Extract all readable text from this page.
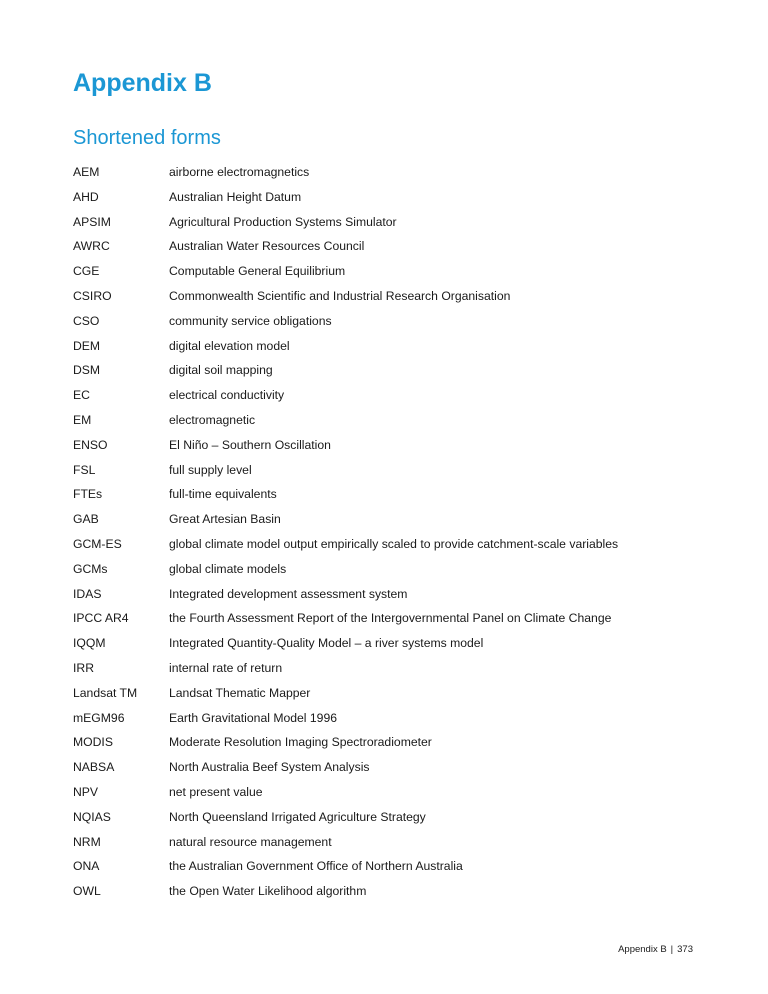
Appendix B
Shortened forms
AEM	airborne electromagnetics
AHD	Australian Height Datum
APSIM	Agricultural Production Systems Simulator
AWRC	Australian Water Resources Council
CGE	Computable General Equilibrium
CSIRO	Commonwealth Scientific and Industrial Research Organisation
CSO	community service obligations
DEM	digital elevation model
DSM	digital soil mapping
EC	electrical conductivity
EM	electromagnetic
ENSO	El Niño – Southern Oscillation
FSL	full supply level
FTEs	full-time equivalents
GAB	Great Artesian Basin
GCM-ES	global climate model output empirically scaled to provide catchment-scale variables
GCMs	global climate models
IDAS	Integrated development assessment system
IPCC AR4	the Fourth Assessment Report of the Intergovernmental Panel on Climate Change
IQQM	Integrated Quantity-Quality Model – a river systems model
IRR	internal rate of return
Landsat TM	Landsat Thematic Mapper
mEGM96	Earth Gravitational Model 1996
MODIS	Moderate Resolution Imaging Spectroradiometer
NABSA	North Australia Beef System Analysis
NPV	net present value
NQIAS	North Queensland Irrigated Agriculture Strategy
NRM	natural resource management
ONA	the Australian Government Office of Northern Australia
OWL	the Open Water Likelihood algorithm
Appendix B | 373
